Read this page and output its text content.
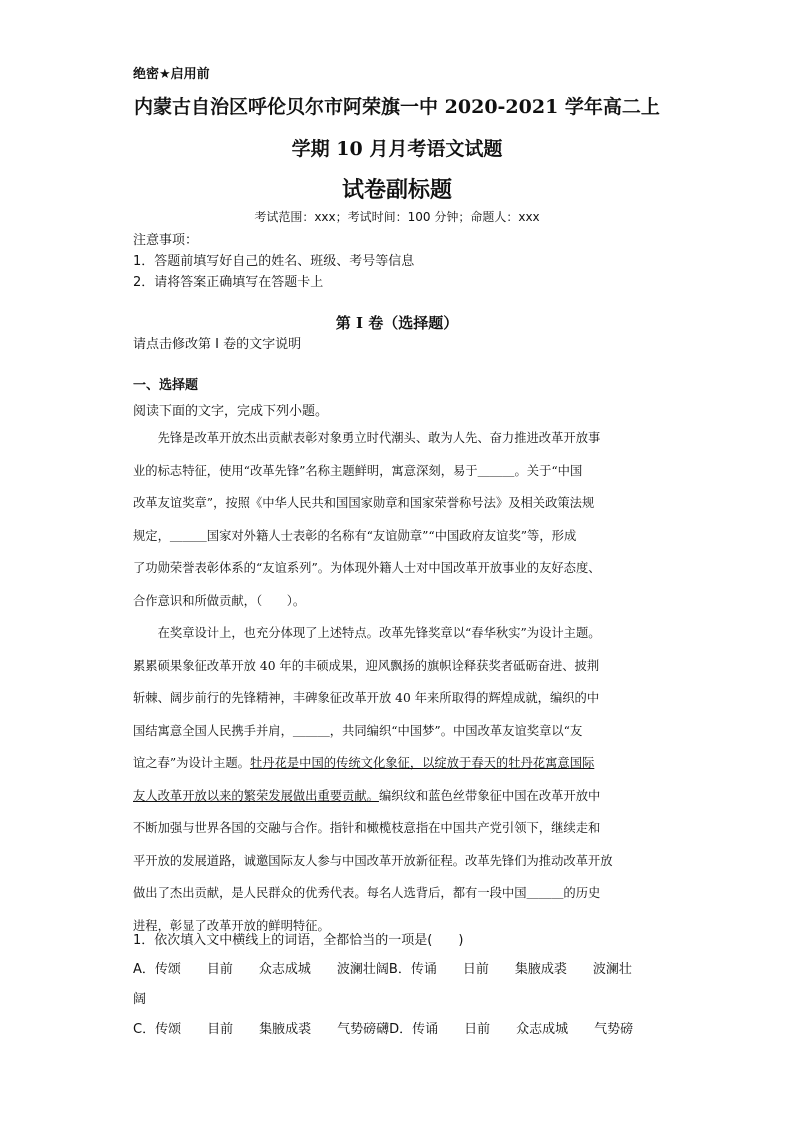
绝密★启用前
内蒙古自治区呼伦贝尔市阿荣旗一中 2020-2021 学年高二上
学期 10 月月考语文试题
试卷副标题
考试范围：xxx；考试时间：100 分钟；命题人：xxx
注意事项：
1．答题前填写好自己的姓名、班级、考号等信息
2．请将答案正确填写在答题卡上
第 I 卷（选择题）
请点击修改第 I 卷的文字说明
一、选择题
阅读下面的文字，完成下列小题。
　　先锋是改革开放杰出贡献表彰对象勇立时代潮头、敢为人先、奋力推进改革开放事
业的标志特征，使用“改革先锋”名称主题鲜明，寓意深刻，易于＿＿＿。关于“中国
改革友谊奖章”，按照《中华人民共和国国家勋章和国家荣誉称号法》及相关政策法规
规定，＿＿＿国家对外籍人士表彰的名称有“友谊勋章”“中国政府友谊奖”等，形成
了功勋荣誉表彰体系的“友谊系列”。为体现外籍人士对中国改革开放事业的友好态度、
合作意识和所做贡献，（　　）。
　　在奖章设计上，也充分体现了上述特点。改革先锋奖章以“春华秋实”为设计主题。
累累硕果象征改革开放 40 年的丰硕成果，迎风飘扬的旗帜诠释获奖者砥砺奋进、披荆
斩棘、阔步前行的先锋精神，丰碑象征改革开放 40 年来所取得的辉煌成就，编织的中
国结寓意全国人民携手并肩，＿＿＿，共同编织“中国梦”。中国改革友谊奖章以“友
谊之春”为设计主题。牡丹花是中国的传统文化象征，以绽放于春天的牡丹花寓意国际
友人改革开放以来的繁荣发展做出重要贡献。编织纹和蓝色丝带象征中国在改革开放中
不断加强与世界各国的交融与合作。指针和橄榄枝意指在中国共产党引领下，继续走和
平开放的发展道路，诚邀国际友人参与中国改革开放新征程。改革先锋们为推动改革开放
做出了杰出贡献，是人民群众的优秀代表。每名人选背后，都有一段中国＿＿＿的历史
进程，彰显了改革开放的鲜明特征。
1．依次填入文中横线上的词语，全都恰当的一项是(　　)
A．传颂　　目前　　众志成城　　波澜壮阔B．传诵　　日前　　集腋成裘　　波澜壮
阔
C．传颂　　目前　　集腋成裘　　气势磅礴D．传诵　　日前　　众志成城　　气势磅
